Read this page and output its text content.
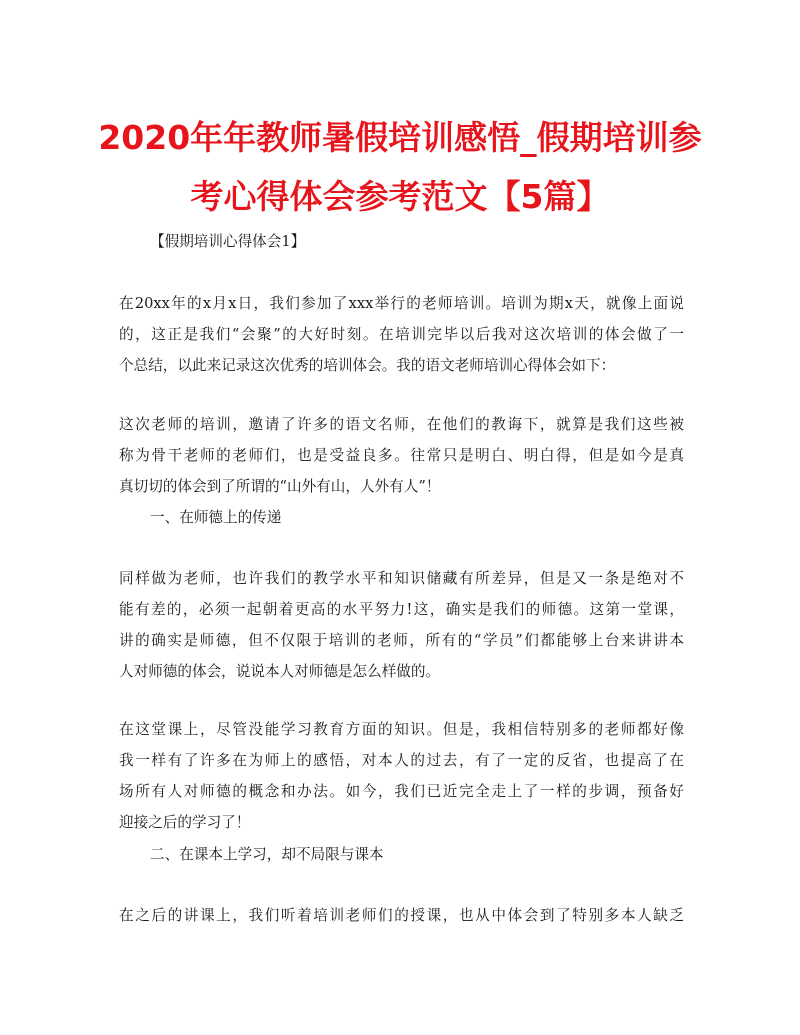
2020年年教师暑假培训感悟_假期培训参
考心得体会参考范文【5篇】
【假期培训心得体会1】
在20xx年的x月x日，我们参加了xxx举行的老师培训。培训为期x天，就像上面说
的，这正是我们“会聚”的大好时刻。在培训完毕以后我对这次培训的体会做了一
个总结，以此来记录这次优秀的培训体会。我的语文老师培训心得体会如下：
这次老师的培训，邀请了许多的语文名师，在他们的教诲下，就算是我们这些被
称为骨干老师的老师们，也是受益良多。往常只是明白、明白得，但是如今是真
真切切的体会到了所谓的“山外有山，人外有人”！
一、在师德上的传递
同样做为老师，也许我们的教学水平和知识储藏有所差异，但是又一条是绝对不
能有差的，必须一起朝着更高的水平努力!这，确实是我们的师德。这第一堂课，
讲的确实是师德，但不仅限于培训的老师，所有的“学员”们都能够上台来讲讲本
人对师德的体会，说说本人对师德是怎么样做的。
在这堂课上，尽管没能学习教育方面的知识。但是，我相信特别多的老师都好像
我一样有了许多在为师上的感悟，对本人的过去，有了一定的反省，也提高了在
场所有人对师德的概念和办法。如今，我们已近完全走上了一样的步调，预备好
迎接之后的学习了！
二、在课本上学习，却不局限与课本
在之后的讲课上，我们听着培训老师们的授课，也从中体会到了特别多本人缺乏
